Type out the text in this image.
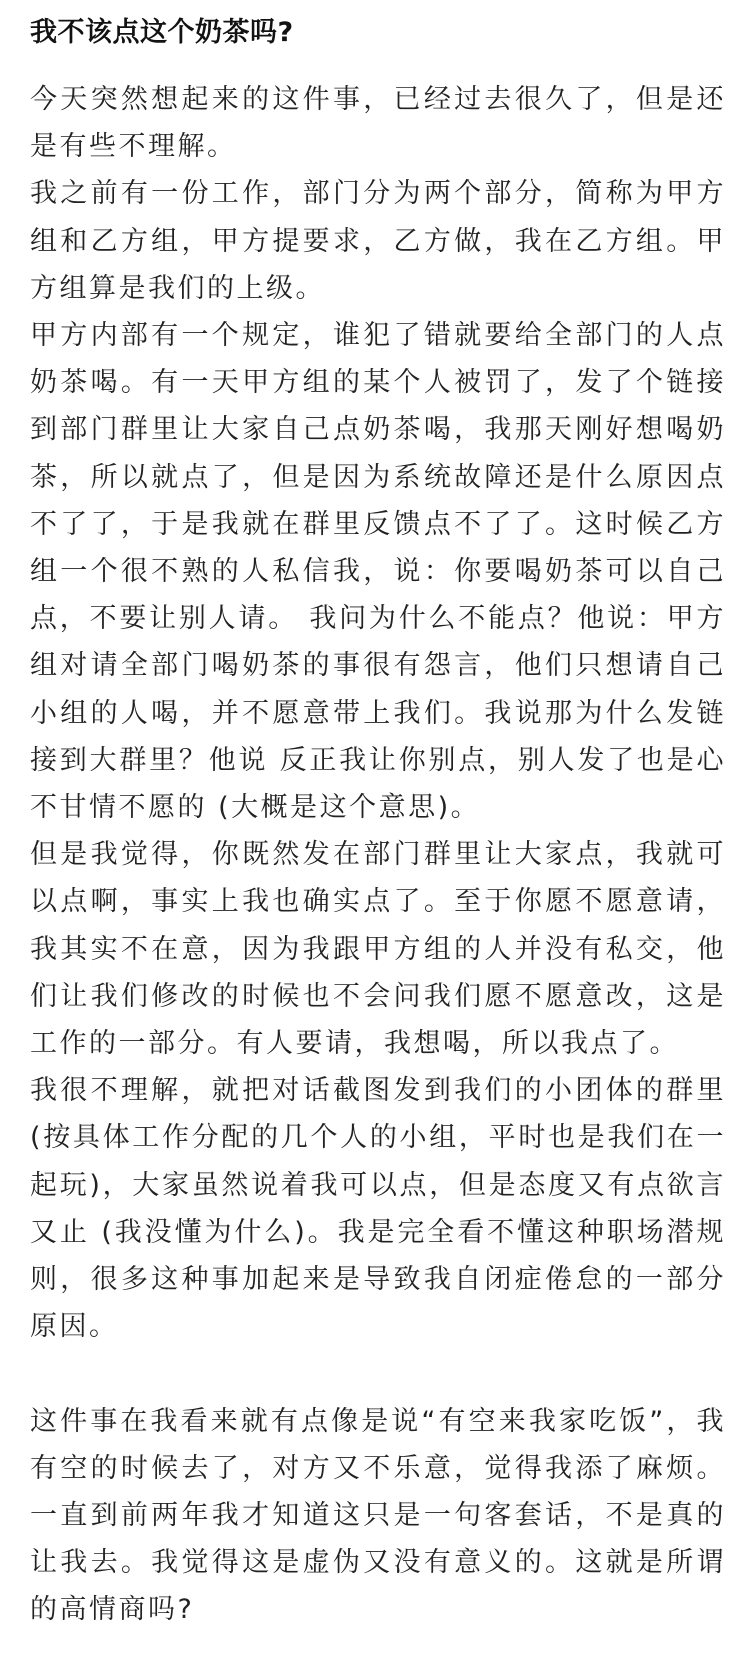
我不该点这个奶茶吗?

今天突然想起来的这件事，已经过去很久了，但是还是有些不理解。

我之前有一份工作，部门分为两个部分，简称为甲方组和乙方组，甲方提要求，乙方做，我在乙方组。甲方组算是我们的上级。

甲方内部有一个规定，谁犯了错就要给全部门的人点奶茶喝。有一天甲方组的某个人被罚了，发了个链接到部门群里让大家自己点奶茶喝，我那天刚好想喝奶茶，所以就点了，但是因为系统故障还是什么原因点不了了，于是我就在群里反馈点不了了。这时候乙方组一个很不熟的人私信我，说：你要喝奶茶可以自己点，不要让别人请。 我问为什么不能点？他说：甲方组对请全部门喝奶茶的事很有怨言，他们只想请自己小组的人喝，并不愿意带上我们。我说那为什么发链接到大群里？他说 反正我让你别点，别人发了也是心不甘情不愿的 (大概是这个意思)。

但是我觉得，你既然发在部门群里让大家点，我就可以点啊，事实上我也确实点了。至于你愿不愿意请，我其实不在意，因为我跟甲方组的人并没有私交，他们让我们修改的时候也不会问我们愿不愿意改，这是工作的一部分。有人要请，我想喝，所以我点了。

我很不理解，就把对话截图发到我们的小团体的群里 (按具体工作分配的几个人的小组，平时也是我们在一起玩)，大家虽然说着我可以点，但是态度又有点欲言又止 (我没懂为什么)。我是完全看不懂这种职场潜规则，很多这种事加起来是导致我自闭症倦怠的一部分原因。

这件事在我看来就有点像是说“有空来我家吃饭”，我有空的时候去了，对方又不乐意，觉得我添了麻烦。一直到前两年我才知道这只是一句客套话，不是真的让我去。我觉得这是虚伪又没有意义的。这就是所谓的高情商吗?
